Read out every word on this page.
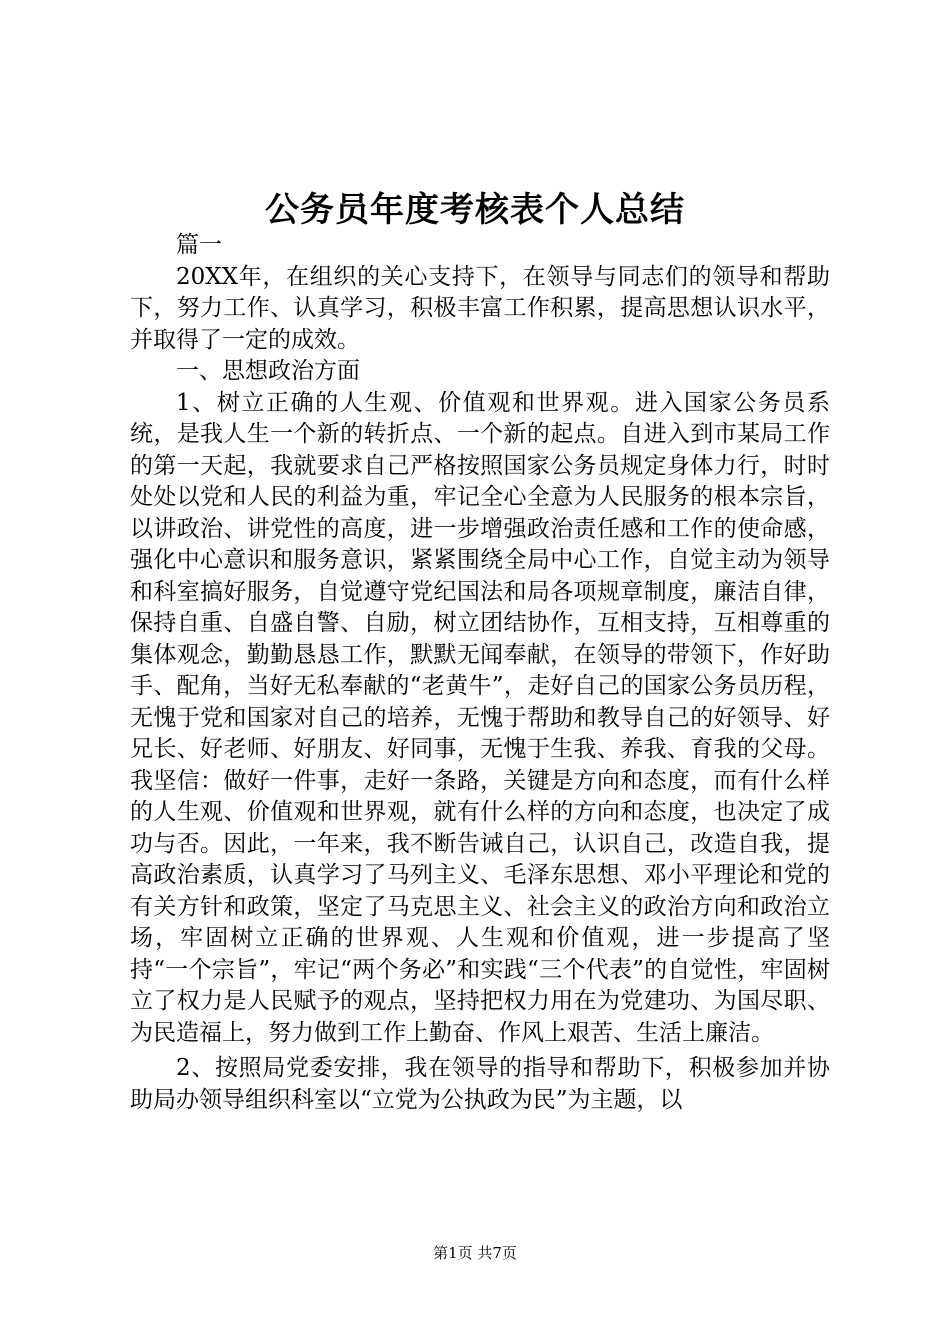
公务员年度考核表个人总结

篇一

20XX年，在组织的关心支持下，在领导与同志们的领导和帮助下，努力工作、认真学习，积极丰富工作积累，提高思想认识水平，并取得了一定的成效。

一、思想政治方面

1、树立正确的人生观、价值观和世界观。进入国家公务员系统，是我人生一个新的转折点、一个新的起点。自进入到市某局工作的第一天起，我就要求自己严格按照国家公务员规定身体力行，时时处处以党和人民的利益为重，牢记全心全意为人民服务的根本宗旨，以讲政治、讲党性的高度，进一步增强政治责任感和工作的使命感，强化中心意识和服务意识，紧紧围绕全局中心工作，自觉主动为领导和科室搞好服务，自觉遵守党纪国法和局各项规章制度，廉洁自律，保持自重、自盛自警、自励，树立团结协作，互相支持，互相尊重的集体观念，勤勤恳恳工作，默默无闻奉献，在领导的带领下，作好助手、配角，当好无私奉献的“老黄牛”，走好自己的国家公务员历程，无愧于党和国家对自己的培养，无愧于帮助和教导自己的好领导、好兄长、好老师、好朋友、好同事，无愧于生我、养我、育我的父母。我坚信：做好一件事，走好一条路，关键是方向和态度，而有什么样的人生观、价值观和世界观，就有什么样的方向和态度，也决定了成功与否。因此，一年来，我不断告诫自己，认识自己，改造自我，提高政治素质，认真学习了马列主义、毛泽东思想、邓小平理论和党的有关方针和政策，坚定了马克思主义、社会主义的政治方向和政治立场，牢固树立正确的世界观、人生观和价值观，进一步提高了坚持“一个宗旨”，牢记“两个务必”和实践“三个代表”的自觉性，牢固树立了权力是人民赋予的观点，坚持把权力用在为党建功、为国尽职、为民造福上，努力做到工作上勤奋、作风上艰苦、生活上廉洁。

2、按照局党委安排，我在领导的指导和帮助下，积极参加并协助局办领导组织科室以“立党为公执政为民”为主题，以

第1页 共7页
